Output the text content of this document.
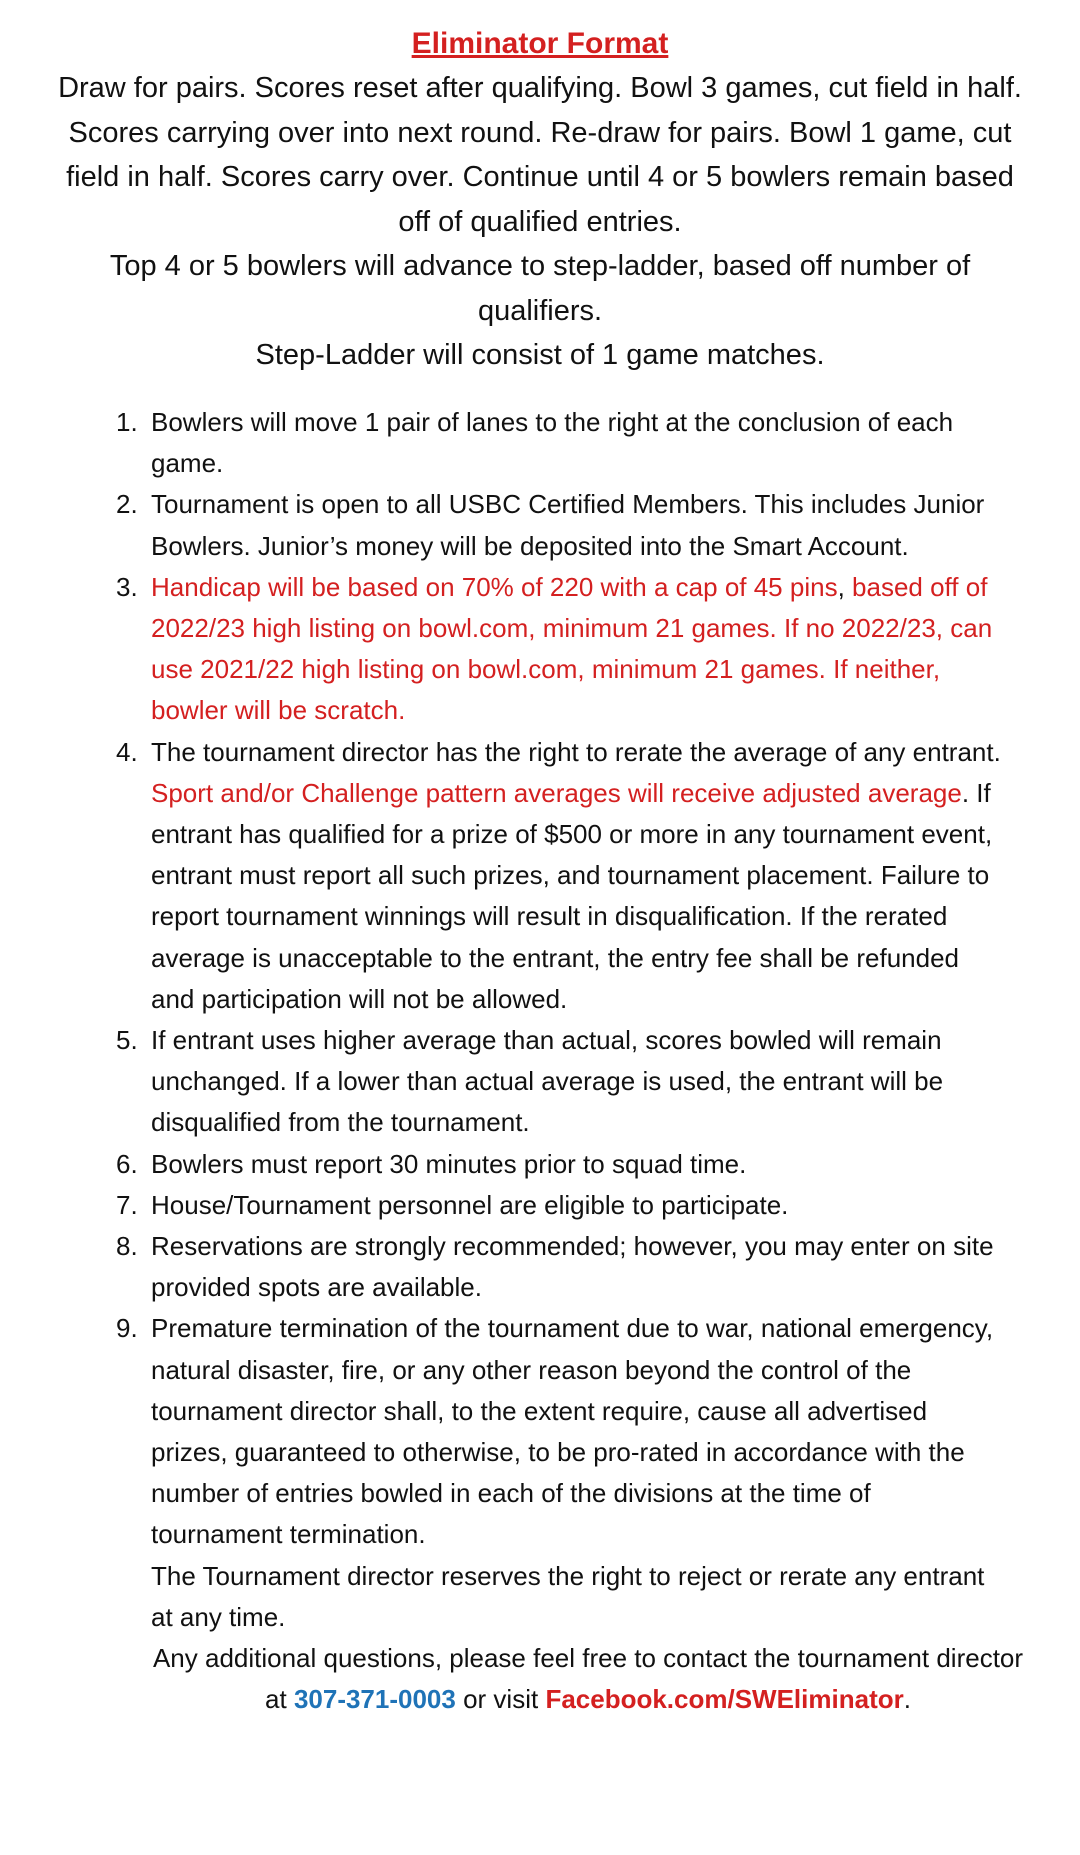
Eliminator Format

Draw for pairs. Scores reset after qualifying. Bowl 3 games, cut field in half. Scores carrying over into next round. Re-draw for pairs. Bowl 1 game, cut field in half. Scores carry over. Continue until 4 or 5 bowlers remain based off of qualified entries.

Top 4 or 5 bowlers will advance to step-ladder, based off number of qualifiers.

Step-Ladder will consist of 1 game matches.

1. Bowlers will move 1 pair of lanes to the right at the conclusion of each game.
2. Tournament is open to all USBC Certified Members. This includes Junior Bowlers. Junior’s money will be deposited into the Smart Account.
3. Handicap will be based on 70% of 220 with a cap of 45 pins, based off of 2022/23 high listing on bowl.com, minimum 21 games. If no 2022/23, can use 2021/22 high listing on bowl.com, minimum 21 games. If neither, bowler will be scratch.
4. The tournament director has the right to rerate the average of any entrant. Sport and/or Challenge pattern averages will receive adjusted average. If entrant has qualified for a prize of $500 or more in any tournament event, entrant must report all such prizes, and tournament placement. Failure to report tournament winnings will result in disqualification. If the rerated average is unacceptable to the entrant, the entry fee shall be refunded and participation will not be allowed.
5. If entrant uses higher average than actual, scores bowled will remain unchanged. If a lower than actual average is used, the entrant will be disqualified from the tournament.
6. Bowlers must report 30 minutes prior to squad time.
7. House/Tournament personnel are eligible to participate.
8. Reservations are strongly recommended; however, you may enter on site provided spots are available.
9. Premature termination of the tournament due to war, national emergency, natural disaster, fire, or any other reason beyond the control of the tournament director shall, to the extent require, cause all advertised prizes, guaranteed to otherwise, to be pro-rated in accordance with the number of entries bowled in each of the divisions at the time of tournament termination.
The Tournament director reserves the right to reject or rerate any entrant at any time.
Any additional questions, please feel free to contact the tournament director at 307-371-0003 or visit Facebook.com/SWEliminator.
